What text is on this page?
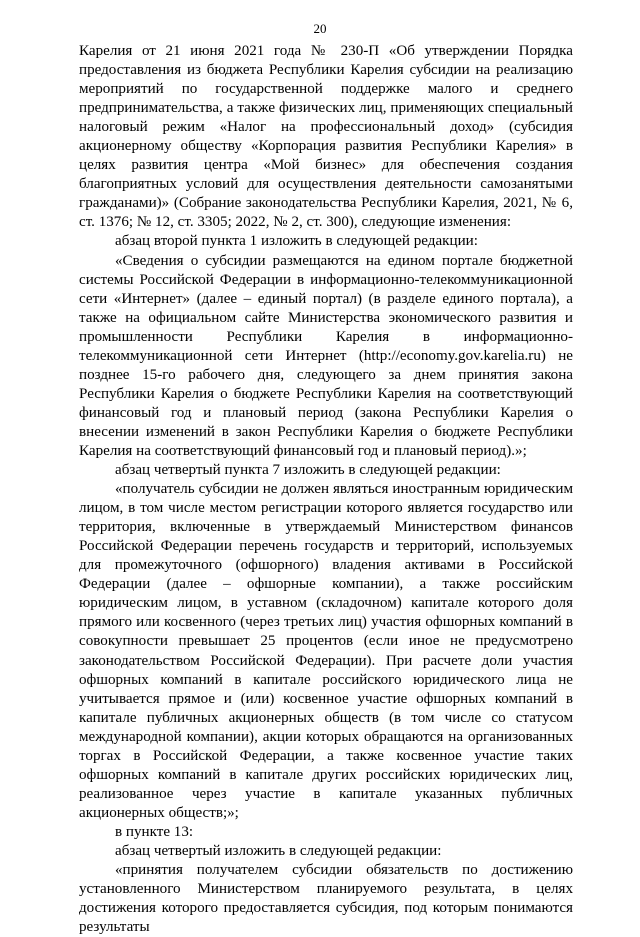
20

Карелия от 21 июня 2021 года № 230-П «Об утверждении Порядка предоставления из бюджета Республики Карелия субсидии на реализацию мероприятий по государственной поддержке малого и среднего предпринимательства, а также физических лиц, применяющих специальный налоговый режим «Налог на профессиональный доход» (субсидия акционерному обществу «Корпорация развития Республики Карелия» в целях развития центра «Мой бизнес» для обеспечения создания благоприятных условий для осуществления деятельности самозанятыми гражданами)» (Собрание законодательства Республики Карелия, 2021, № 6, ст. 1376; № 12, ст. 3305; 2022, № 2, ст. 300), следующие изменения:

абзац второй пункта 1 изложить в следующей редакции:

«Сведения о субсидии размещаются на едином портале бюджетной системы Российской Федерации в информационно-телекоммуникационной сети «Интернет» (далее – единый портал) (в разделе единого портала), а также на официальном сайте Министерства экономического развития и промышленности Республики Карелия в информационно-телекоммуникационной сети Интернет (http://economy.gov.karelia.ru) не позднее 15-го рабочего дня, следующего за днем принятия закона Республики Карелия о бюджете Республики Карелия на соответствующий финансовый год и плановый период (закона Республики Карелия о внесении изменений в закон Республики Карелия о бюджете Республики Карелия на соответствующий финансовый год и плановый период).»;

абзац четвертый пункта 7 изложить в следующей редакции:

«получатель субсидии не должен являться иностранным юридическим лицом, в том числе местом регистрации которого является государство или территория, включенные в утверждаемый Министерством финансов Российской Федерации перечень государств и территорий, используемых для промежуточного (офшорного) владения активами в Российской Федерации (далее – офшорные компании), а также российским юридическим лицом, в уставном (складочном) капитале которого доля прямого или косвенного (через третьих лиц) участия офшорных компаний в совокупности превышает 25 процентов (если иное не предусмотрено законодательством Российской Федерации). При расчете доли участия офшорных компаний в капитале российского юридического лица не учитывается прямое и (или) косвенное участие офшорных компаний в капитале публичных акционерных обществ (в том числе со статусом международной компании), акции которых обращаются на организованных торгах в Российской Федерации, а также косвенное участие таких офшорных компаний в капитале других российских юридических лиц, реализованное через участие в капитале указанных публичных акционерных обществ;»;

в пункте 13:

абзац четвертый изложить в следующей редакции:

«принятия получателем субсидии обязательств по достижению установленного Министерством планируемого результата, в целях достижения которого предоставляется субсидия, под которым понимаются результаты
